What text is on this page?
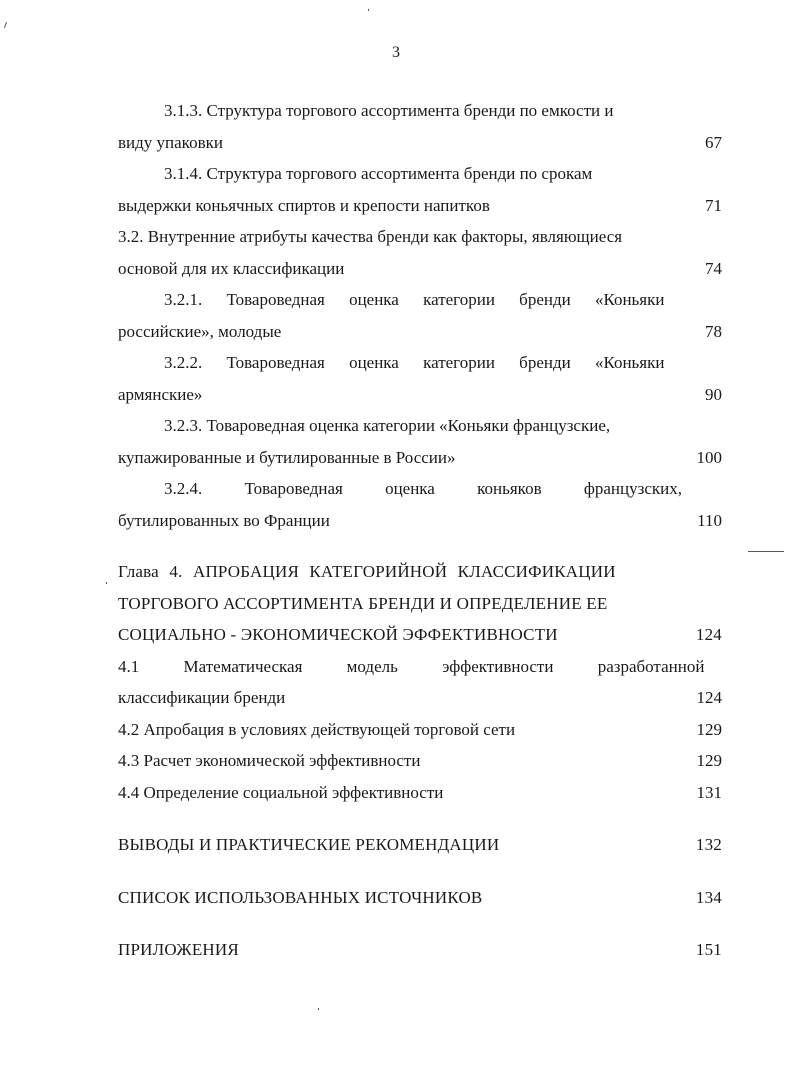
3
3.1.3. Структура торгового ассортимента бренди по емкости и
виду упаковки	67
3.1.4. Структура торгового ассортимента бренди по срокам
выдержки коньячных спиртов и крепости напитков	71
3.2. Внутренние атрибуты качества бренди как факторы, являющиеся
основой для их классификации	74
3.2.1. Товароведная оценка категории бренди «Коньяки
российские», молодые	78
3.2.2. Товароведная оценка категории бренди «Коньяки
армянские»	90
3.2.3. Товароведная оценка категории «Коньяки французские,
купажированные и бутилированные в России»	100
3.2.4. Товароведная оценка коньяков французских,
бутилированных во Франции	110
Глава 4. АПРОБАЦИЯ КАТЕГОРИЙНОЙ КЛАССИФИКАЦИИ
ТОРГОВОГО АССОРТИМЕНТА БРЕНДИ И ОПРЕДЕЛЕНИЕ ЕЕ
СОЦИАЛЬНО - ЭКОНОМИЧЕСКОЙ ЭФФЕКТИВНОСТИ	124
4.1 Математическая модель эффективности разработанной
классификации бренди	124
4.2 Апробация в условиях действующей торговой сети	129
4.3 Расчет экономической эффективности	129
4.4 Определение социальной эффективности	131
ВЫВОДЫ И ПРАКТИЧЕСКИЕ РЕКОМЕНДАЦИИ	132
СПИСОК ИСПОЛЬЗОВАННЫХ ИСТОЧНИКОВ	134
ПРИЛОЖЕНИЯ	151
